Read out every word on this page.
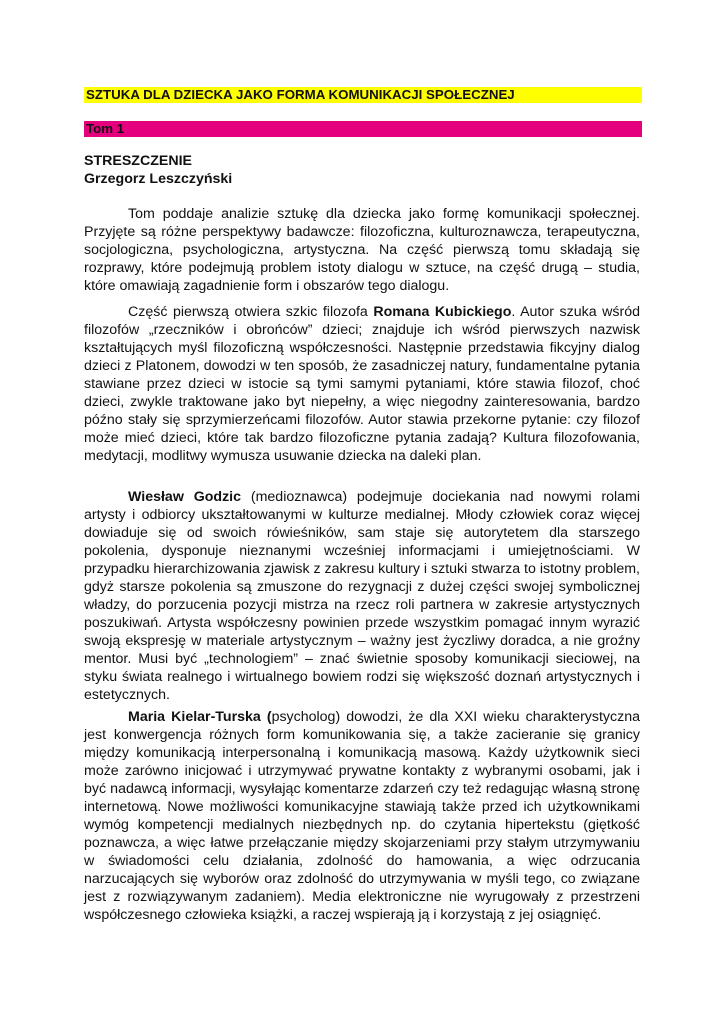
SZTUKA DLA DZIECKA JAKO FORMA KOMUNIKACJI SPOŁECZNEJ
Tom 1
STRESZCZENIE
Grzegorz Leszczyński

Tom poddaje analizie sztukę dla dziecka jako formę komunikacji społecznej. Przyjęte są różne perspektywy badawcze: filozoficzna, kulturoznawcza, terapeutyczna, socjologiczna, psychologiczna, artystyczna. Na część pierwszą tomu składają się rozprawy, które podejmują problem istoty dialogu w sztuce, na część drugą – studia, które omawiają zagadnienie form i obszarów tego dialogu.

Część pierwszą otwiera szkic filozofa Romana Kubickiego. Autor szuka wśród filozofów „rzeczników i obrońców” dzieci; znajduje ich wśród pierwszych nazwisk kształtujących myśl filozoficzną współczesności. Następnie przedstawia fikcyjny dialog dzieci z Platonem, dowodzi w ten sposób, że zasadniczej natury, fundamentalne pytania stawiane przez dzieci w istocie są tymi samymi pytaniami, które stawia filozof, choć dzieci, zwykle traktowane jako byt niepełny, a więc niegodny zainteresowania, bardzo późno stały się sprzymierzeńcami filozofów. Autor stawia przekorne pytanie: czy filozof może mieć dzieci, które tak bardzo filozoficzne pytania zadają? Kultura filozofowania, medytacji, modlitwy wymusza usuwanie dziecka na daleki plan.

Wiesław Godzic (medioznawca) podejmuje dociekania nad nowymi rolami artysty i odbiorcy ukształtowanymi w kulturze medialnej. Młody człowiek coraz więcej dowiaduje się od swoich rówieśników, sam staje się autorytetem dla starszego pokolenia, dysponuje nieznanymi wcześniej informacjami i umiejętnościami. W przypadku hierarchizowania zjawisk z zakresu kultury i sztuki stwarza to istotny problem, gdyż starsze pokolenia są zmuszone do rezygnacji z dużej części swojej symbolicznej władzy, do porzucenia pozycji mistrza na rzecz roli partnera w zakresie artystycznych poszukiwań. Artysta współczesny powinien przede wszystkim pomagać innym wyrazić swoją ekspresję w materiale artystycznym – ważny jest życzliwy doradca, a nie groźny mentor. Musi być „technologiem” – znać świetnie sposoby komunikacji sieciowej, na styku świata realnego i wirtualnego bowiem rodzi się większość doznań artystycznych i estetycznych.

Maria Kielar-Turska (psycholog) dowodzi, że dla XXI wieku charakterystyczna jest konwergencja różnych form komunikowania się, a także zacieranie się granicy między komunikacją interpersonalną i komunikacją masową. Każdy użytkownik sieci może zarówno inicjować i utrzymywać prywatne kontakty z wybranymi osobami, jak i być nadawcą informacji, wysyłając komentarze zdarzeń czy też redagując własną stronę internetową. Nowe możliwości komunikacyjne stawiają także przed ich użytkownikami wymóg kompetencji medialnych niezbędnych np. do czytania hipertekstu (giętkość poznawcza, a więc łatwe przełączanie między skojarzeniami przy stałym utrzymywaniu w świadomości celu działania, zdolność do hamowania, a więc odrzucania narzucających się wyborów oraz zdolność do utrzymywania w myśli tego, co związane jest z rozwiązywanym zadaniem). Media elektroniczne nie wyrugowały z przestrzeni współczesnego człowieka książki, a raczej wspierają ją i korzystają z jej osiągnięć.
